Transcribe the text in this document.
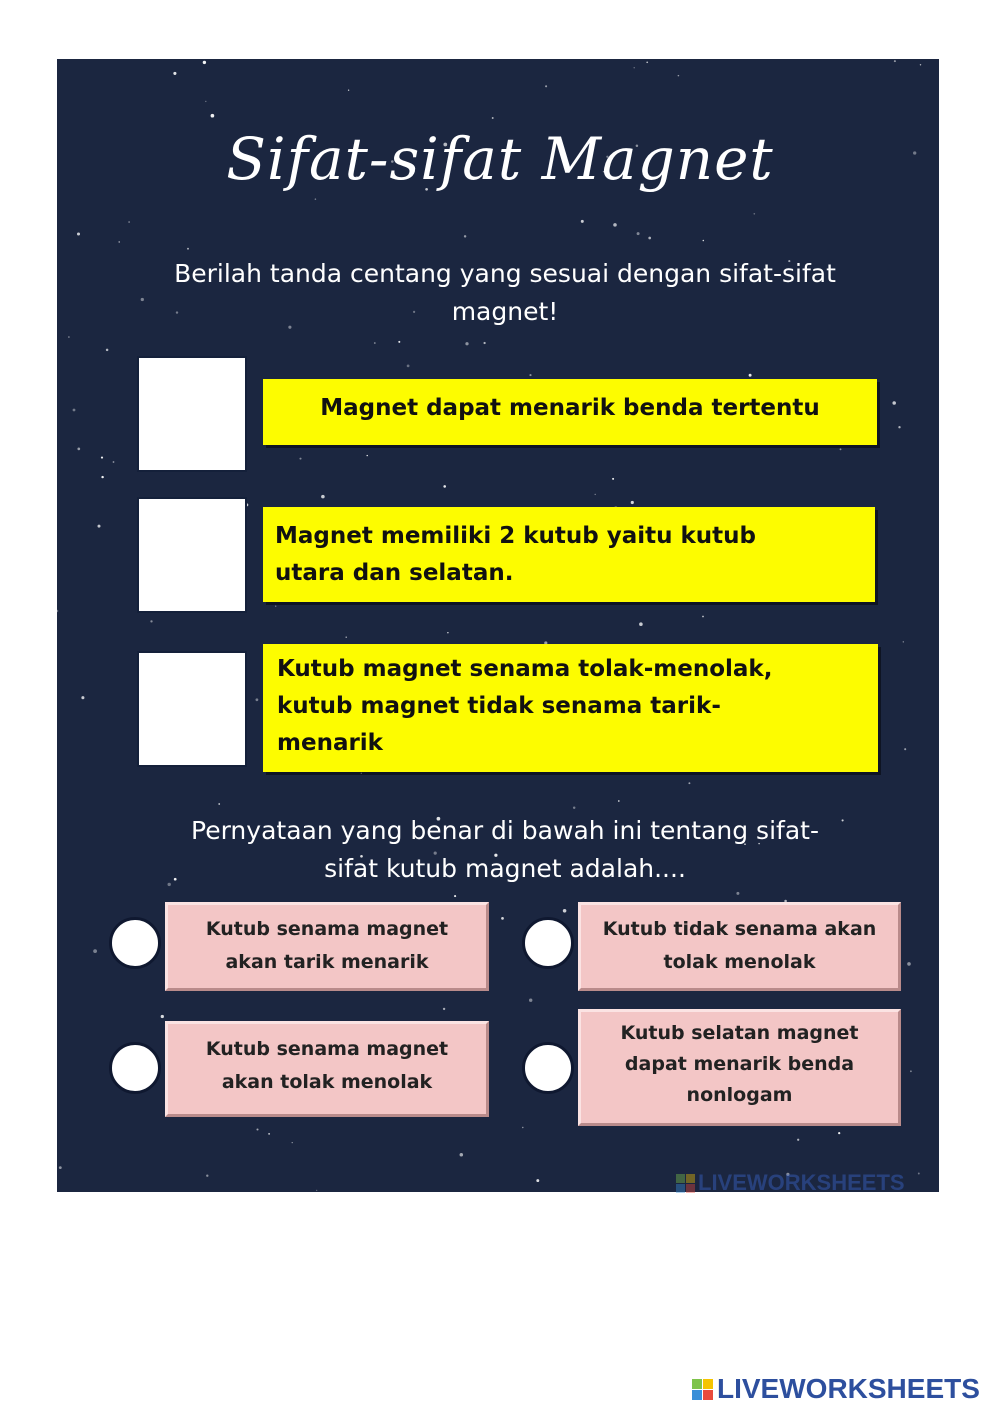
Sifat-sifat Magnet
Berilah tanda centang yang sesuai dengan sifat-sifat
magnet!
Magnet dapat menarik benda tertentu
Magnet memiliki 2 kutub yaitu kutub
utara dan selatan.
Kutub magnet senama tolak-menolak,
kutub magnet tidak senama tarik-
menarik
Pernyataan yang benar di bawah ini tentang sifat-
sifat kutub magnet adalah....
Kutub senama magnet
akan tarik menarik
Kutub tidak senama akan
tolak menolak
Kutub senama magnet
akan tolak menolak
Kutub selatan magnet
dapat menarik benda
nonlogam
LIVEWORKSHEETS
LIVEWORKSHEETS
